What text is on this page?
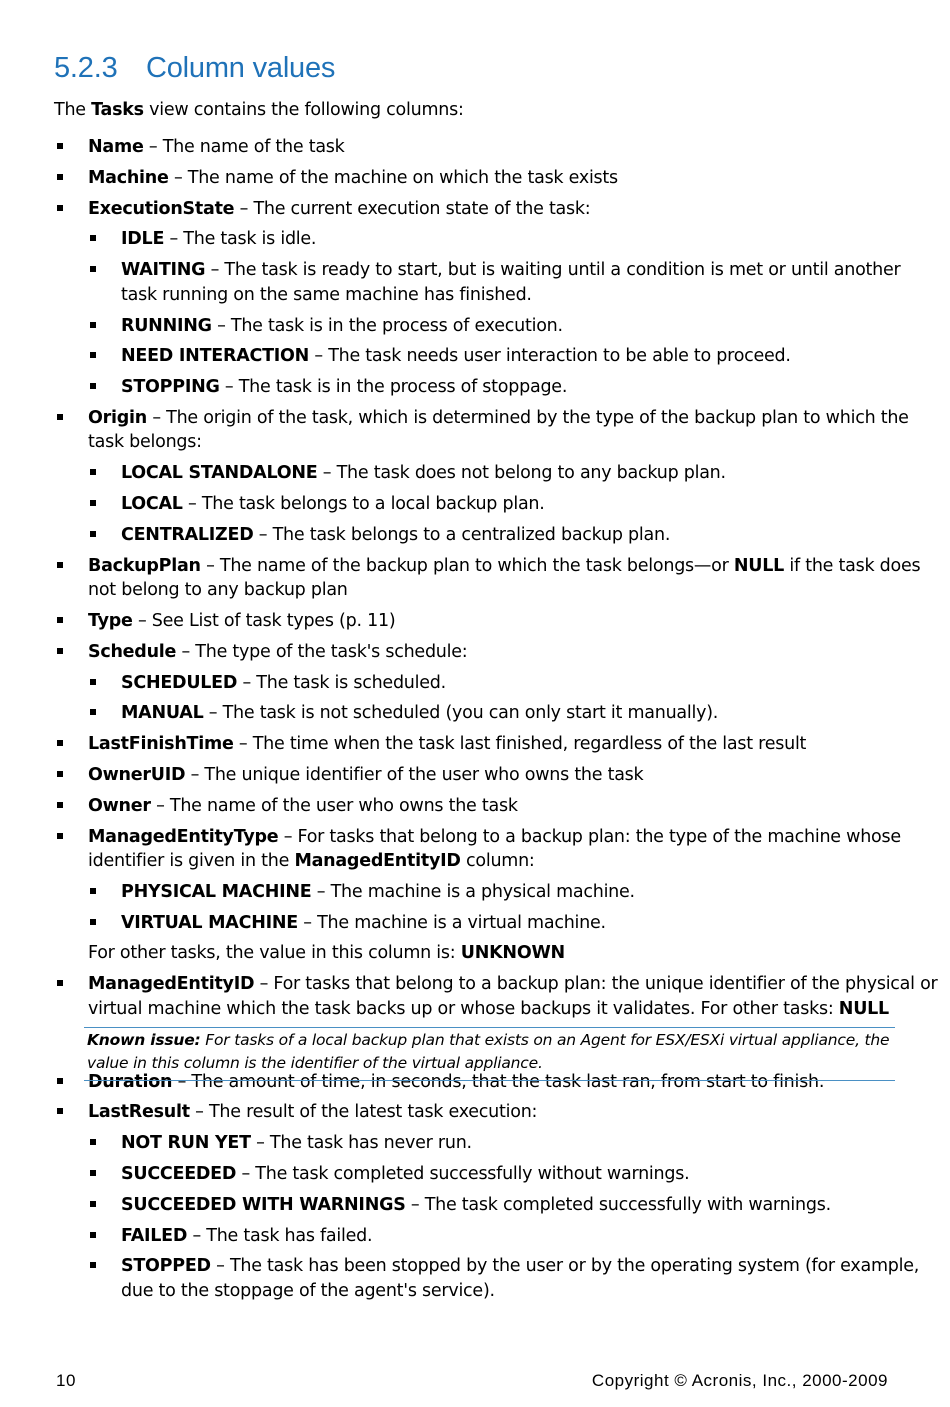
5.2.3 Column values
The Tasks view contains the following columns:
Name – The name of the task
Machine – The name of the machine on which the task exists
ExecutionState – The current execution state of the task:
IDLE – The task is idle.
WAITING – The task is ready to start, but is waiting until a condition is met or until another
task running on the same machine has finished.
RUNNING – The task is in the process of execution.
NEED INTERACTION – The task needs user interaction to be able to proceed.
STOPPING – The task is in the process of stoppage.
Origin – The origin of the task, which is determined by the type of the backup plan to which the
task belongs:
LOCAL STANDALONE – The task does not belong to any backup plan.
LOCAL – The task belongs to a local backup plan.
CENTRALIZED – The task belongs to a centralized backup plan.
BackupPlan – The name of the backup plan to which the task belongs—or NULL if the task does
not belong to any backup plan
Type – See List of task types (p. 11)
Schedule – The type of the task's schedule:
SCHEDULED – The task is scheduled.
MANUAL – The task is not scheduled (you can only start it manually).
LastFinishTime – The time when the task last finished, regardless of the last result
OwnerUID – The unique identifier of the user who owns the task
Owner – The name of the user who owns the task
ManagedEntityType – For tasks that belong to a backup plan: the type of the machine whose
identifier is given in the ManagedEntityID column:
PHYSICAL MACHINE – The machine is a physical machine.
VIRTUAL MACHINE – The machine is a virtual machine.
For other tasks, the value in this column is: UNKNOWN
ManagedEntityID – For tasks that belong to a backup plan: the unique identifier of the physical or
virtual machine which the task backs up or whose backups it validates. For other tasks: NULL
Duration – The amount of time, in seconds, that the task last ran, from start to finish.
LastResult – The result of the latest task execution:
NOT RUN YET – The task has never run.
SUCCEEDED – The task completed successfully without warnings.
SUCCEEDED WITH WARNINGS – The task completed successfully with warnings.
FAILED – The task has failed.
STOPPED – The task has been stopped by the user or by the operating system (for example,
due to the stoppage of the agent's service).
Known issue: For tasks of a local backup plan that exists on an Agent for ESX/ESXi virtual appliance, the
value in this column is the identifier of the virtual appliance.
10	Copyright © Acronis, Inc., 2000-2009
